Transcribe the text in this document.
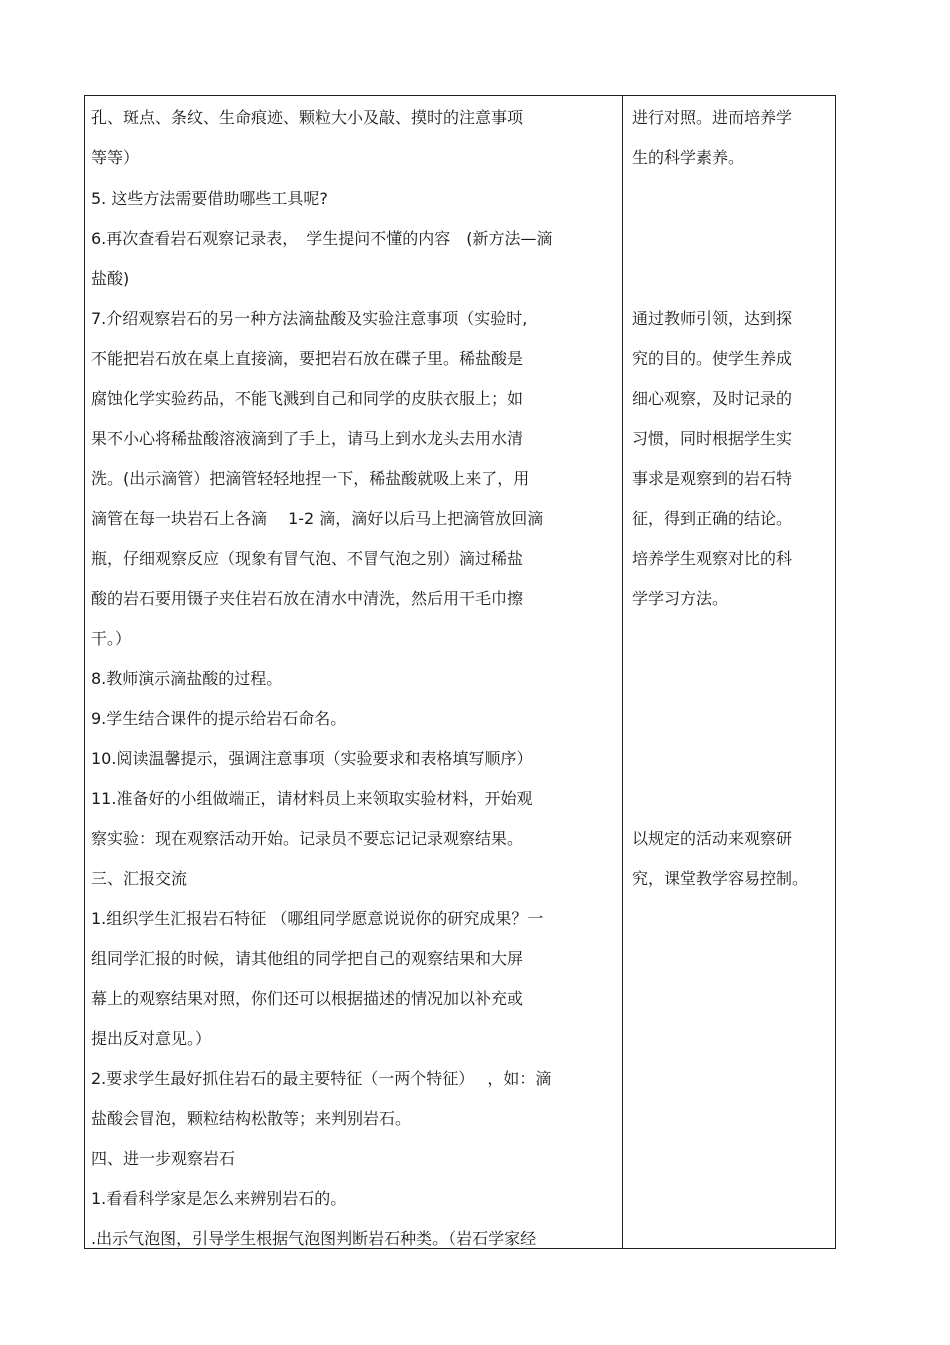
孔、斑点、条纹、生命痕迹、颗粒大小及敲、摸时的注意事项
等等）
5. 这些方法需要借助哪些工具呢?
6.再次查看岩石观察记录表，　学生提问不懂的内容　(新方法—滴
盐酸)
7.介绍观察岩石的另一种方法滴盐酸及实验注意事项（实验时,
不能把岩石放在桌上直接滴，要把岩石放在碟子里。稀盐酸是
腐蚀化学实验药品，不能飞溅到自己和同学的皮肤衣服上；如
果不小心将稀盐酸溶液滴到了手上，请马上到水龙头去用水清
洗。(出示滴管）把滴管轻轻地捏一下，稀盐酸就吸上来了，用
滴管在每一块岩石上各滴　 1-2 滴，滴好以后马上把滴管放回滴
瓶，仔细观察反应（现象有冒气泡、不冒气泡之别）滴过稀盐
酸的岩石要用镊子夹住岩石放在清水中清洗，然后用干毛巾擦
干。）
8.教师演示滴盐酸的过程。
9.学生结合课件的提示给岩石命名。
10.阅读温馨提示，强调注意事项（实验要求和表格填写顺序）
11.准备好的小组做端正，请材料员上来领取实验材料，开始观
察实验：现在观察活动开始。记录员不要忘记记录观察结果。
三、汇报交流
1.组织学生汇报岩石特征 （哪组同学愿意说说你的研究成果？一
组同学汇报的时候，请其他组的同学把自己的观察结果和大屏
幕上的观察结果对照，你们还可以根据描述的情况加以补充或
提出反对意见。）
2.要求学生最好抓住岩石的最主要特征（一两个特征）　 ，如：滴
盐酸会冒泡，颗粒结构松散等；来判别岩石。
四、进一步观察岩石
1.看看科学家是怎么来辨别岩石的。
.出示气泡图，引导学生根据气泡图判断岩石种类。（岩石学家经
进行对照。进而培养学
生的科学素养。
通过教师引领，达到探
究的目的。使学生养成
细心观察，及时记录的
习惯，同时根据学生实
事求是观察到的岩石特
征，得到正确的结论。
培养学生观察对比的科
学学习方法。
以规定的活动来观察研
究，课堂教学容易控制。
